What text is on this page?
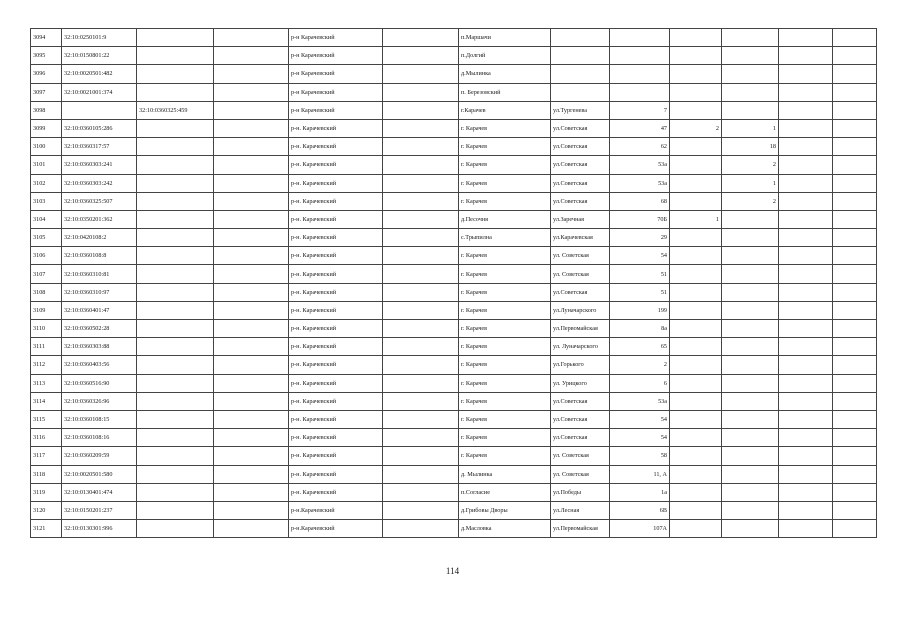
3094	32:10:0250101:9			р-н Карачевский		п.Маршачи						
3095	32:10:0150801:22			р-н Карачевский		п.Долгий						
3096	32:10:0020501:482			р-н Карачевский		д.Мылинка						
3097	32:10:0021001:374			р-н Карачевский		п. Березовский						
3098		32:10:0360325:459		р-н Карачевский		г.Карачев	ул.Тургенева	7				
3099	32:10:0360105:286			р-н. Карачевский		г. Карачев	ул.Советская	47	2	1		
3100	32:10:0360317:57			р-н. Карачевский		г. Карачев	ул.Советская	62		18		
3101	32:10:0360303:241			р-н. Карачевский		г. Карачев	ул.Советская	53а		2		
3102	32:10:0360303:242			р-н. Карачевский		г. Карачев	ул.Советская	53а		1		
3103	32:10:0360325:507			р-н. Карачевский		г. Карачев	ул.Советская	68		2		
3104	32:10:0350201:362			р-н. Карачевский		д.Песочня	ул.Заречная	70Б	1			
3105	32:10:0420108:2			р-н. Карачевский		с.Трыпилна	ул.Карачевская	29				
3106	32:10:0360108:8			р-н. Карачевский		г. Карачев	ул. Советская	54				
3107	32:10:0360310:81			р-н. Карачевский		г. Карачев	ул. Советская	51				
3108	32:10:0360310:97			р-н. Карачевский		г. Карачев	ул.Советская	51				
3109	32:10:0360401:47			р-н. Карачевский		г. Карачев	ул.Луначарского	199				
3110	32:10:0360502:28			р-н. Карачевский		г. Карачев	ул.Первомайская	8а				
3111	32:10:0360303:88			р-н. Карачевский		г. Карачев	ул. Луначарского	65				
3112	32:10:0360403:56			р-н. Карачевский		г. Карачев	ул.Горького	2				
3113	32:10:0360516:90			р-н. Карачевский		г. Карачев	ул. Урицкого	6				
3114	32:10:0360326:96			р-н. Карачевский		г. Карачев	ул.Советская	53а				
3115	32:10:0360108:15			р-н. Карачевский		г. Карачев	ул.Советская	54				
3116	32:10:0360108:16			р-н. Карачевский		г. Карачев	ул.Советская	54				
3117	32:10:0360209:59			р-н. Карачевский		г. Карачев	ул. Советская	58				
3118	32:10:0020501:580			р-н. Карачевский		д. Мылинка	ул. Советская	11, А				
3119	32:10:0130401:474			р-н. Карачевский		п.Согласие	ул.Победы	1а				
3120	32:10:0150201:237			р-н.Карачевский		д.Грибовы Дворы	ул.Лесная	6В				
3121	32:10:0130301:996			р-н.Карачевский		д.Масловка	ул.Первомайская	107А				
114
